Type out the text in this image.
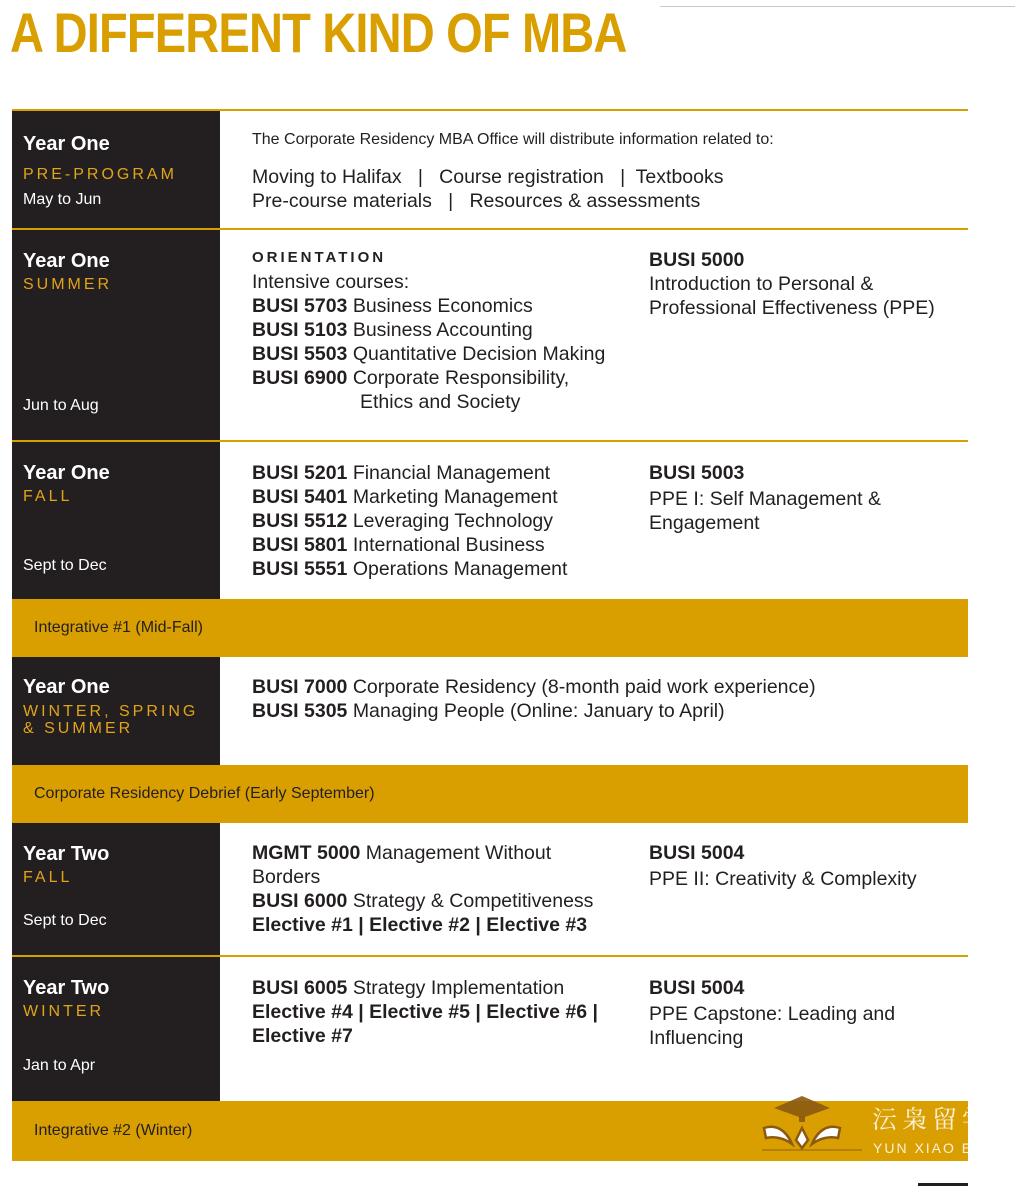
A DIFFERENT KIND OF MBA
Year One
PRE-PROGRAM
May to Jun
The Corporate Residency MBA Office will distribute information related to:
Moving to Halifax   |   Course registration   |  Textbooks
Pre-course materials   |   Resources & assessments
Year One
SUMMER
Jun to Aug
ORIENTATION
Intensive courses:
BUSI 5703 Business Economics
BUSI 5103 Business Accounting
BUSI 5503 Quantitative Decision Making
BUSI 6900 Corporate Responsibility,
Ethics and Society
BUSI 5000
Introduction to Personal &
Professional Effectiveness (PPE)
Year One
FALL
Sept to Dec
BUSI 5201 Financial Management
BUSI 5401 Marketing Management
BUSI 5512 Leveraging Technology
BUSI 5801 International Business
BUSI 5551 Operations Management
BUSI 5003
PPE I: Self Management &
Engagement
Integrative #1 (Mid-Fall)
Year One
WINTER, SPRING
& SUMMER
BUSI 7000 Corporate Residency (8-month paid work experience)
BUSI 5305 Managing People (Online: January to April)
Corporate Residency Debrief (Early September)
Year Two
FALL
Sept to Dec
MGMT 5000 Management Without
Borders
BUSI 6000 Strategy & Competitiveness
Elective #1 | Elective #2 | Elective #3
BUSI 5004
PPE II: Creativity & Complexity
Year Two
WINTER
Jan to Apr
BUSI 6005 Strategy Implementation
Elective #4 | Elective #5 | Elective #6 |
Elective #7
BUSI 5004
PPE Capstone: Leading and
Influencing
Integrative #2 (Winter)	沄枭留学
YUN XIAO EDU
